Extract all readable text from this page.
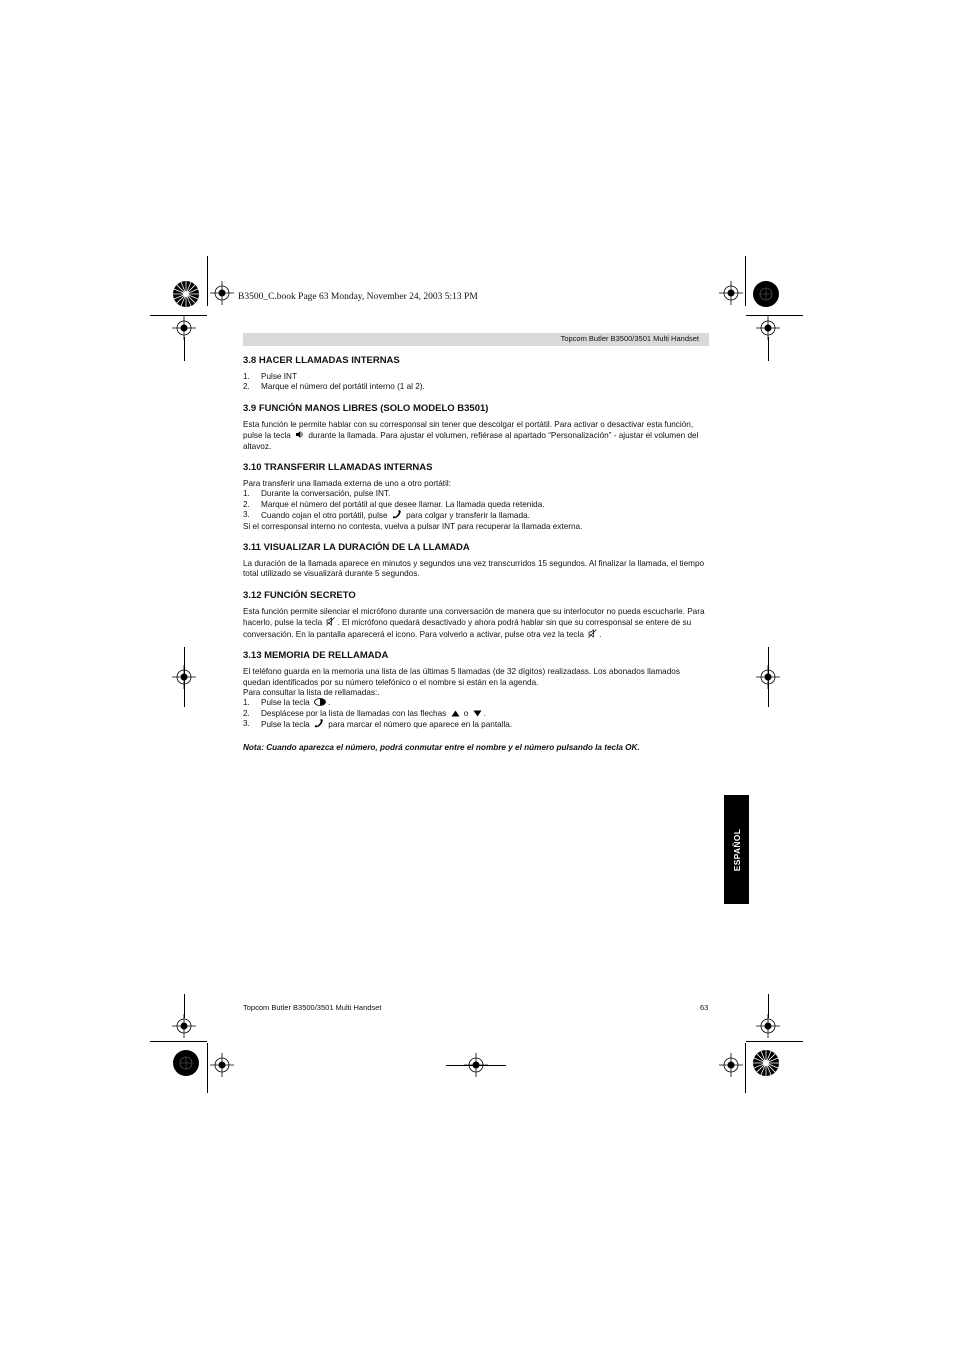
B3500_C.book Page 63 Monday, November 24, 2003 5:13 PM
Topcom Butler B3500/3501 Multi Handset
3.8 HACER LLAMADAS INTERNAS
1.	Pulse INT
2.	Marque el número del portátil interno (1 al 2).
3.9 FUNCIÓN MANOS LIBRES (SOLO MODELO B3501)

Esta función le permite hablar con su corresponsal sin tener que descolgar el portátil. Para activar o desactivar esta función, pulse la tecla durante la llamada. Para ajustar el volumen, refiérase al apartado “Personalización” - ajustar el volumen del altavoz.

3.10 TRANSFERIR LLAMADAS INTERNAS

Para transferir una llamada externa de uno a otro portátil:

1.	Durante la conversación, pulse INT.
2.	Marque el número del portátil al que desee llamar. La llamada queda retenida.
3.	Cuando cojan el otro portátil, pulse para colgar y transferir la llamada.

Si el corresponsal interno no contesta, vuelva a pulsar INT para recuperar la llamada externa.

3.11 VISUALIZAR LA DURACIÓN DE LA LLAMADA

La duración de la llamada aparece en minutos y segundos una vez transcurridos 15 segundos. Al finalizar la llamada, el tiempo total utilizado se visualizará durante 5 segundos.

3.12 FUNCIÓN SECRETO

Esta función permite silenciar el micrófono durante una conversación de manera que su interlocutor no pueda escucharle. Para hacerlo, pulse la tecla . El micrófono quedará desactivado y ahora podrá hablar sin que su corresponsal se entere de su conversación. En la pantalla aparecerá el icono. Para volverlo a activar, pulse otra vez la tecla .

3.13 MEMORIA DE RELLAMADA

El teléfono guarda en la memoria una lista de las últimas 5 llamadas (de 32 dígitos) realizadass. Los abonados llamados quedan identificados por su número telefónico o el nombre si están en la agenda.

Para consultar la lista de rellamadas:.

1.	Pulse la tecla .
2.	Desplácese por la lista de llamadas con las flechas o .
3.	Pulse la tecla para marcar el número que aparece en la pantalla.

Nota: Cuando aparezca el número, podrá conmutar entre el nombre y el número pulsando la tecla OK.

ESPAÑOL
Topcom Butler B3500/3501 Multi Handset	63
